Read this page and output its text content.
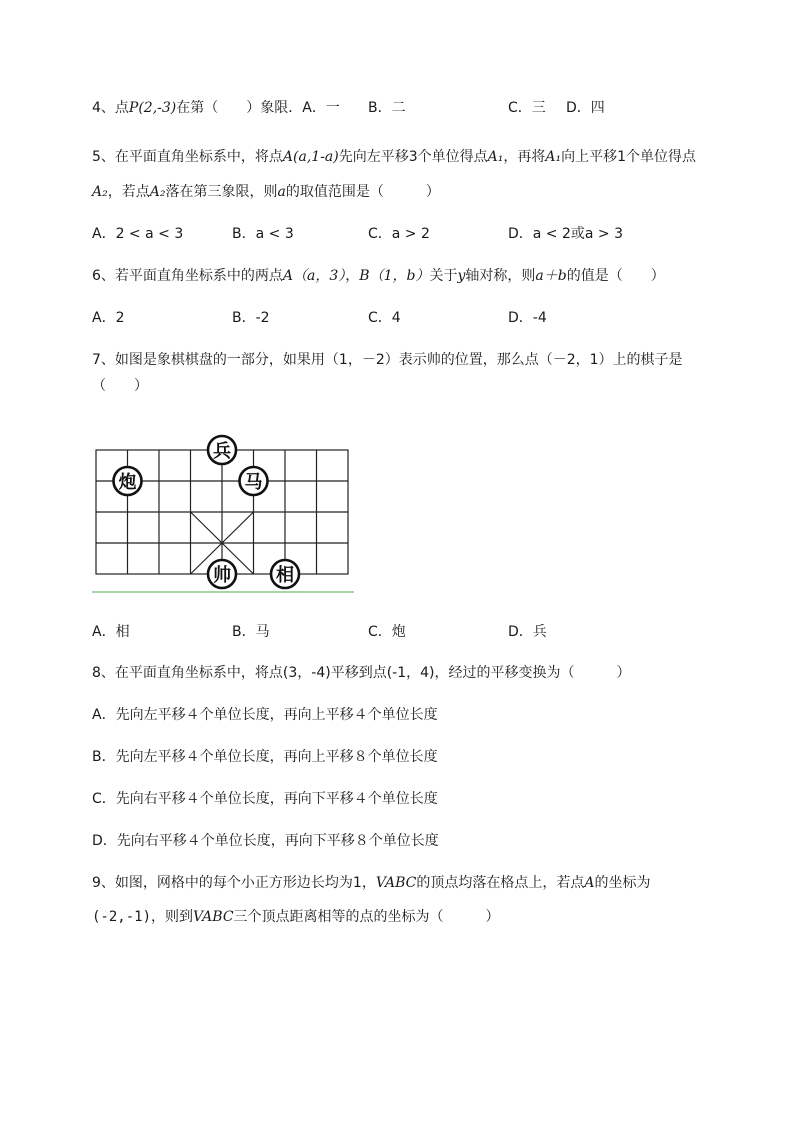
4、点P(2,-3)在第（　　）象限．A．一 B．二	C．三 D．四
5、在平面直角坐标系中，将点A(a,1-a)先向左平移3个单位得点A₁，再将A₁向上平移1个单位得点
A₂，若点A₂落在第三象限，则a的取值范围是（　　　）
A．2 < a < 3	B．a < 3	C．a > 2	D．a < 2或a > 3
6、若平面直角坐标系中的两点A（a，3），B（1，b）关于y轴对称，则a＋b的值是（　　）
A．2	B．-2	C．4	D．-4
7、如图是象棋棋盘的一部分，如果用（1，－2）表示帅的位置，那么点（－2，1）上的棋子是
（　　）
兵
炮	马
帅	相
A．相	B．马	C．炮	D．兵
8、在平面直角坐标系中，将点(3，-4)平移到点(-1，4)，经过的平移变换为（　　　）
A．先向左平移４个单位长度，再向上平移４个单位长度
B．先向左平移４个单位长度，再向上平移８个单位长度
C．先向右平移４个单位长度，再向下平移４个单位长度
D．先向右平移４个单位长度，再向下平移８个单位长度
9、如图，网格中的每个小正方形边长均为1，VABC的顶点均落在格点上，若点A的坐标为
(-2,-1)，则到VABC三个顶点距离相等的点的坐标为（　　　）
